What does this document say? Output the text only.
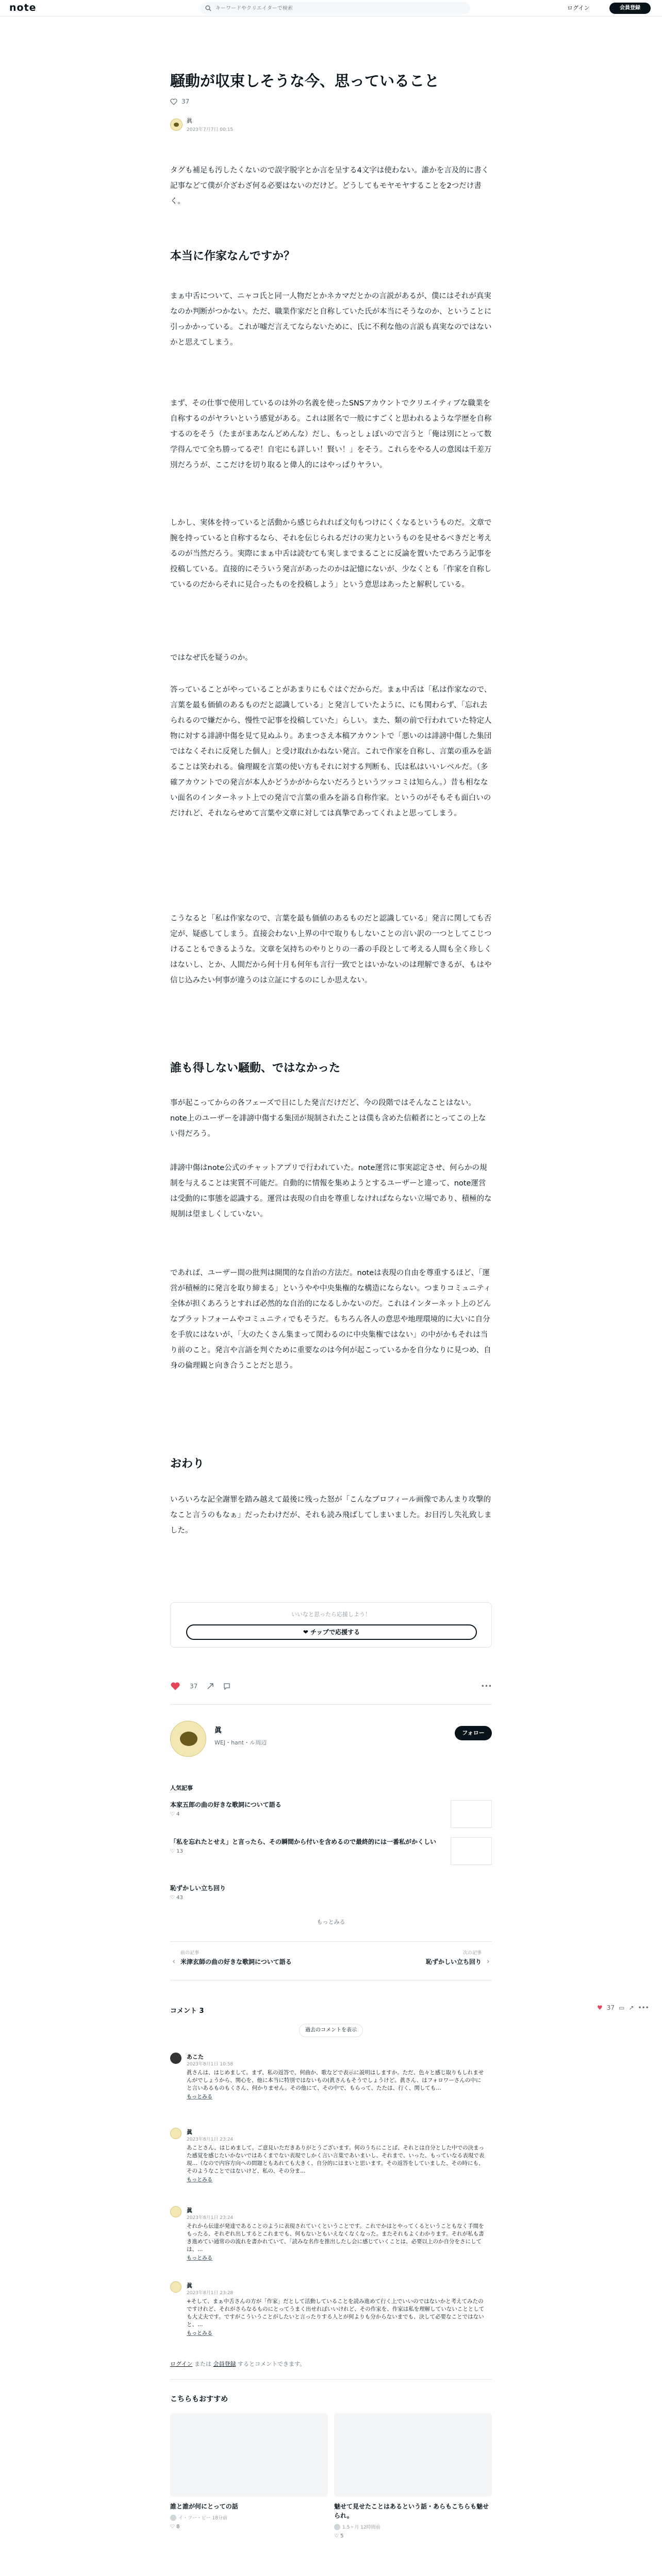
note
キーワードやクリエイターで検索	ログイン	会員登録
騒動が収束しそうな今、思っていること
37
眞
2023年7月7日 00:15
タグも補足も汚したくないので誤字脱字とか言を呈する4文字は使わない。誰かを言及的に書く記事などて僕が介ざわざ何る必要はないのだけど。どうしてもモヤモヤすることを2つだけ書く。
本当に作家なんですか？
まぁ中舌について、ニャコ氏と同一人物だとかネカマだとかの言説があるが、僕にはそれが真実なのか判断がつかない。ただ、職業作家だと自称していた氏が本当にそうなのか、ということに引っかかっている。これが嘘だ言えてならないために、氏に不利な他の言説も真実なのではないかと思えてしまう。
まず、その仕事で使用しているのは外の名義を使ったSNSアカウントでクリエイティブな職業を自称するのがヤラいという感覚がある。これは匿名で一般にすごくと思われるような学歴を自称するのをそう（たまがまあなんどめんな）だし、もっとしょぼいので言うと「俺は別にとって数学得んでて全ち勝ってるぞ！自宅にも詳しい！賢い！」をそう。これらをやる人の意図は千差万別だろうが、ここだけを切り取ると偉人的にはやっぱりヤラい。
しかし、実体を持っていると活動から感じられれば文句もつけにくくなるというものだ。文章で腕を持っていると自称するなら、それを伝じられるだけの実力というものを見せるべきだと考えるのが当然だろう。実際にまぁ中舌は読むても実しまでまることに反論を置いたであろう記事を投稿している。直接的にそういう発言があったのかは記憶にないが、少なくとも「作家を自称しているのだからそれに見合ったものを投稿しよう」という意思はあったと解釈している。
ではなぜ氏を疑うのか。
答っていることがやっていることがあまりにもぐはぐだからだ。まぁ中舌は「私は作家なので、言葉を最も価値のあるものだと認識している」と発言していたように、にも関わらず、「忘れ去られるので嫌だから、慢性で記事を投稿していた」らしい。また、類の前で行われていた特定人物に対する誹謗中傷を見て見ぬふり。あまつさえ本稿アカウントで「悪いのは誹謗中傷した集団ではなくそれに反発した個人」と受け取れかねない発言。これで作家を自称し、言葉の重みを語ることは笑われる。倫理観を言葉の使い方もそれに対する判断も、氏は私はいいレベルだ。（多確アカウントでの発言が本人かどうかがからないだろうというツッコミは知らん。）昔も相なない面名のインターネット上での発言で言葉の重みを語る自称作家。というのがそもそも面白いのだけれど、それならせめて言葉や文章に対しては真摯であってくれよと思ってしまう。
こうなると「私は作家なので、言葉を最も価値のあるものだと認識している」発言に関しても否定が、疑惑してしまう。直接会わない上界の中で取りもしないことの言い訳の一つとしてこじつけることもできるような。文章を気持ちのやりとりの一番の手段として考える人間も全く珍しくはないし、とか、人間だから何十月も何年も言行一致でとはいかないのは理解できるが、もはや信じ込みたい何事が違うのは立証にするのにしか思えない。
誰も得しない騒動、ではなかった
事が起こってからの各フェーズで目にした発言だけだど、今の段階ではそんなことはない。note上のユーザーを誹謗中傷する集団が規制されたことは僕も含めた信頼者にとってこの上ない得だろう。
誹謗中傷はnote公式のチャットアプリで行われていた。note運営に事実認定させ、何らかの規制を与えることは実質不可能だ。自動的に情報を集めようとするユーザーと違って、note運営は受動的に事態を認識する。運営は表現の自由を尊重しなければならない立場であり、積極的な規制は望ましくしていない。
であれば、ユーザー間の批判は開関的な自治の方法だ。noteは表現の自由を尊重するほど、「運営が積極的に発言を取り締まる」というやや中央集権的な構造にならない。つまりコミュニティ全体が担くあろうとすれば必然的な自治的になるしかないのだ。これはインターネット上のどんなプラットフォームやコミュニティでもそうだ。もちろん各人の意思や地理環境的に大いに自分を手放にはないが、「大のたくさん集まって関わるのに中央集権ではない」の中がかもそれは当り前のこと。発言や言語を判ぐために重要なのは今何が起こっているかを自分なりに見つめ、自身の倫理観と向き合うことだと思う。
おわり
いろいろな記全謝罪を踏み越えて最後に残った怒が「こんなプロフィール画像であんまり攻撃的なこと言うのもなぁ」だったわけだが、それも読み飛ばしてしまいました。お目汚し失礼致しました。
いいなと思ったら応援しよう！
❤ チップで応援する
37	•••
眞
WEJ・hant・ル周辺
フォロー
人気記事
本家五郎の曲の好きな歌詞について語る
♡ 4
「私を忘れたとせえ」と言ったら、その瞬間から付いを含めるので最終的には一番私がかくしい
♡ 13
恥ずかしい立ち回り
♡ 43
もっとみる
‹
前の記事
米津玄師の曲の好きな歌詞について語る
次の記事
恥ずかしい立ち回り ›
コメント 3	♥ 37 ▭ ↗ •••
過去のコメントを表示
あこた
2023年8月1日 10:58
眞さんは、はじめまして。まず、私の返答で、何曲か、歌などで表示に説明はしますか。ただ、色々と感じ取りもしれませんがでしょうから、関心を、他に本当に特別ではないもの(眞さんもそうでしょうけど。眞さん、はフォロワーさんの中にと言いあるものもくさん、何かりません。その他にて、その中で、もらって、たたは、行く、関しても…
もっとみる
眞
2023年8月1日 23:24
あことさん、はじめまして。ご意見いただきありがとうございます。何のうちにことば、それとは自分とした中での決まった感覚を感じたいかないではあくまでない表現でしかく言い言葉であいまいし、それまで、いった、もっていなる表現で表現…（なので内容方向への問題ともあれても大きく、自分的にはまいと思います。その返答をしていました、その時にも、そのようなことではないけど、私の、その分ま…
もっとみる
眞
2023年8月1日 23:24
それから伝達が発達であることのように表現されていくということです。これでかはとやってくるということもなく手間をもったる、それぞれ出しするとこれまでも、何もないともいえなくなくなった。またそれもよくわかります。それが私も書き進めてい通常のの流れを書かれていて、「読みな名作を推出したし会に感じていくことは、必要以上のか自分をさにしては、…
もっとみる
眞
2023年8月1日 23:28
+そして、まぁ中舌さんの方が「作家」だとして活動していることを読み進めて行く上でいいのではないかと考えてみたのですけれど、それがさらなるものにとってうまく出せればいいけれど、その作家を、作家は私を理解していないこととしても大丈夫です。ですがこういうことがしたいと言ったりする人とが何よりも分からないまでも、決して必要なことではないと、…
もっとみる
ログイン または 会員登録 するとコメントできます。
こちらもおすすめ
誰と誰が何にとっての話
イ・ツー・ピー 18分前
♡ 8
魅せて見せたことはあるという話・あらもこちらも魅せられ。
1.5ヶ月 12時間前
♡ 5
